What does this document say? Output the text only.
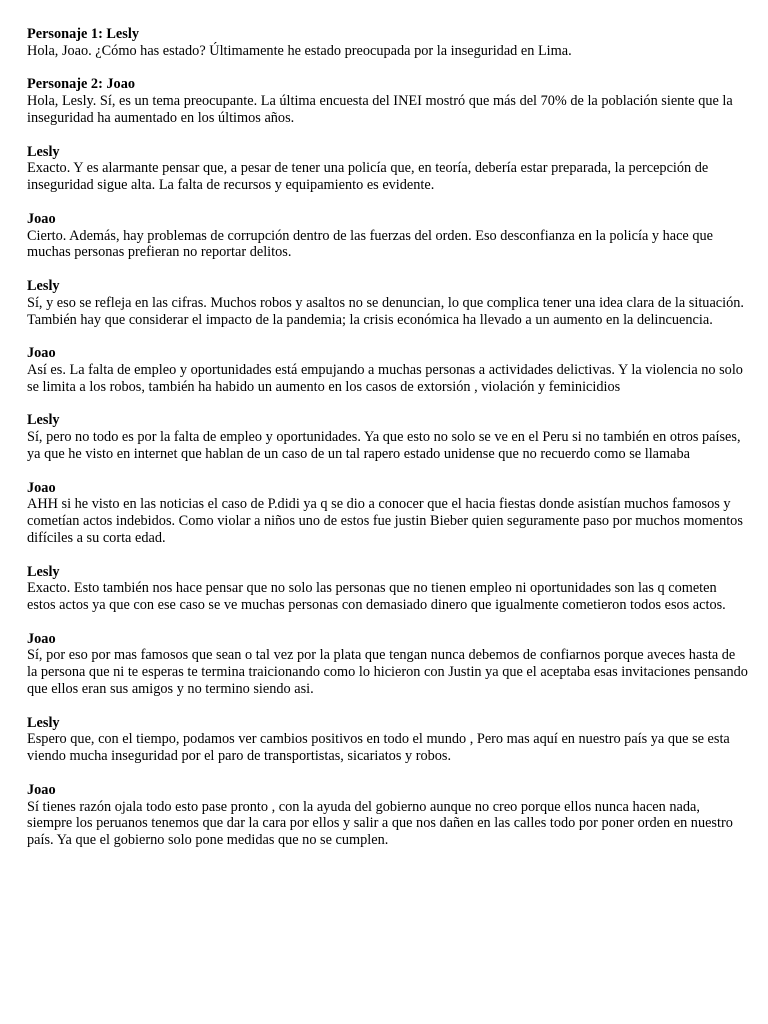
Personaje 1: Lesly
Hola, Joao. ¿Cómo has estado? Últimamente he estado preocupada por la inseguridad en Lima.
Personaje 2: Joao
Hola, Lesly. Sí, es un tema preocupante. La última encuesta del INEI mostró que más del 70% de la población siente que la inseguridad ha aumentado en los últimos años.
Lesly
Exacto. Y es alarmante pensar que, a pesar de tener una policía que, en teoría, debería estar preparada, la percepción de inseguridad sigue alta. La falta de recursos y equipamiento es evidente.
Joao
Cierto. Además, hay problemas de corrupción dentro de las fuerzas del orden. Eso desconfianza en la policía y hace que muchas personas prefieran no reportar delitos.
Lesly
Sí, y eso se refleja en las cifras. Muchos robos y asaltos no se denuncian, lo que complica tener una idea clara de la situación. También hay que considerar el impacto de la pandemia; la crisis económica ha llevado a un aumento en la delincuencia.
Joao
Así es. La falta de empleo y oportunidades está empujando a muchas personas a actividades delictivas. Y la violencia no solo se limita a los robos, también ha habido un aumento en los casos de extorsión , violación y feminicidios
Lesly
Sí, pero no todo es por la falta de empleo y oportunidades. Ya que esto no solo se ve en el Peru si no también en otros países, ya que he visto en internet que hablan de un caso de un tal rapero estado unidense que no recuerdo como se llamaba
Joao
AHH si he visto en las noticias el caso de P.didi ya q se dio a conocer que el hacia fiestas donde asistían muchos famosos y cometían actos indebidos. Como violar a niños uno de estos fue justin Bieber quien seguramente paso por muchos momentos difíciles a su corta edad.
Lesly
Exacto. Esto también nos hace pensar que no solo las personas que no tienen empleo ni oportunidades son las q cometen estos actos ya que con ese caso se ve muchas personas con demasiado dinero que igualmente cometieron todos esos actos.
Joao
Sí, por eso por mas famosos que sean o tal vez por la plata que tengan nunca debemos de confiarnos porque aveces hasta de la persona que ni te esperas te termina traicionando como lo hicieron con Justin ya que el aceptaba esas invitaciones pensando que ellos eran sus amigos y no termino siendo asi.
Lesly
Espero que, con el tiempo, podamos ver cambios positivos en todo el mundo , Pero mas aquí en nuestro país ya que se esta viendo mucha inseguridad por el paro de transportistas, sicariatos y robos.
Joao
Sí tienes razón ojala todo esto pase pronto , con la ayuda del gobierno aunque no creo porque ellos nunca hacen nada, siempre los peruanos tenemos que dar la cara por ellos y salir a que nos dañen en las calles todo por poner orden en nuestro país. Ya que el gobierno solo pone medidas que no se cumplen.
